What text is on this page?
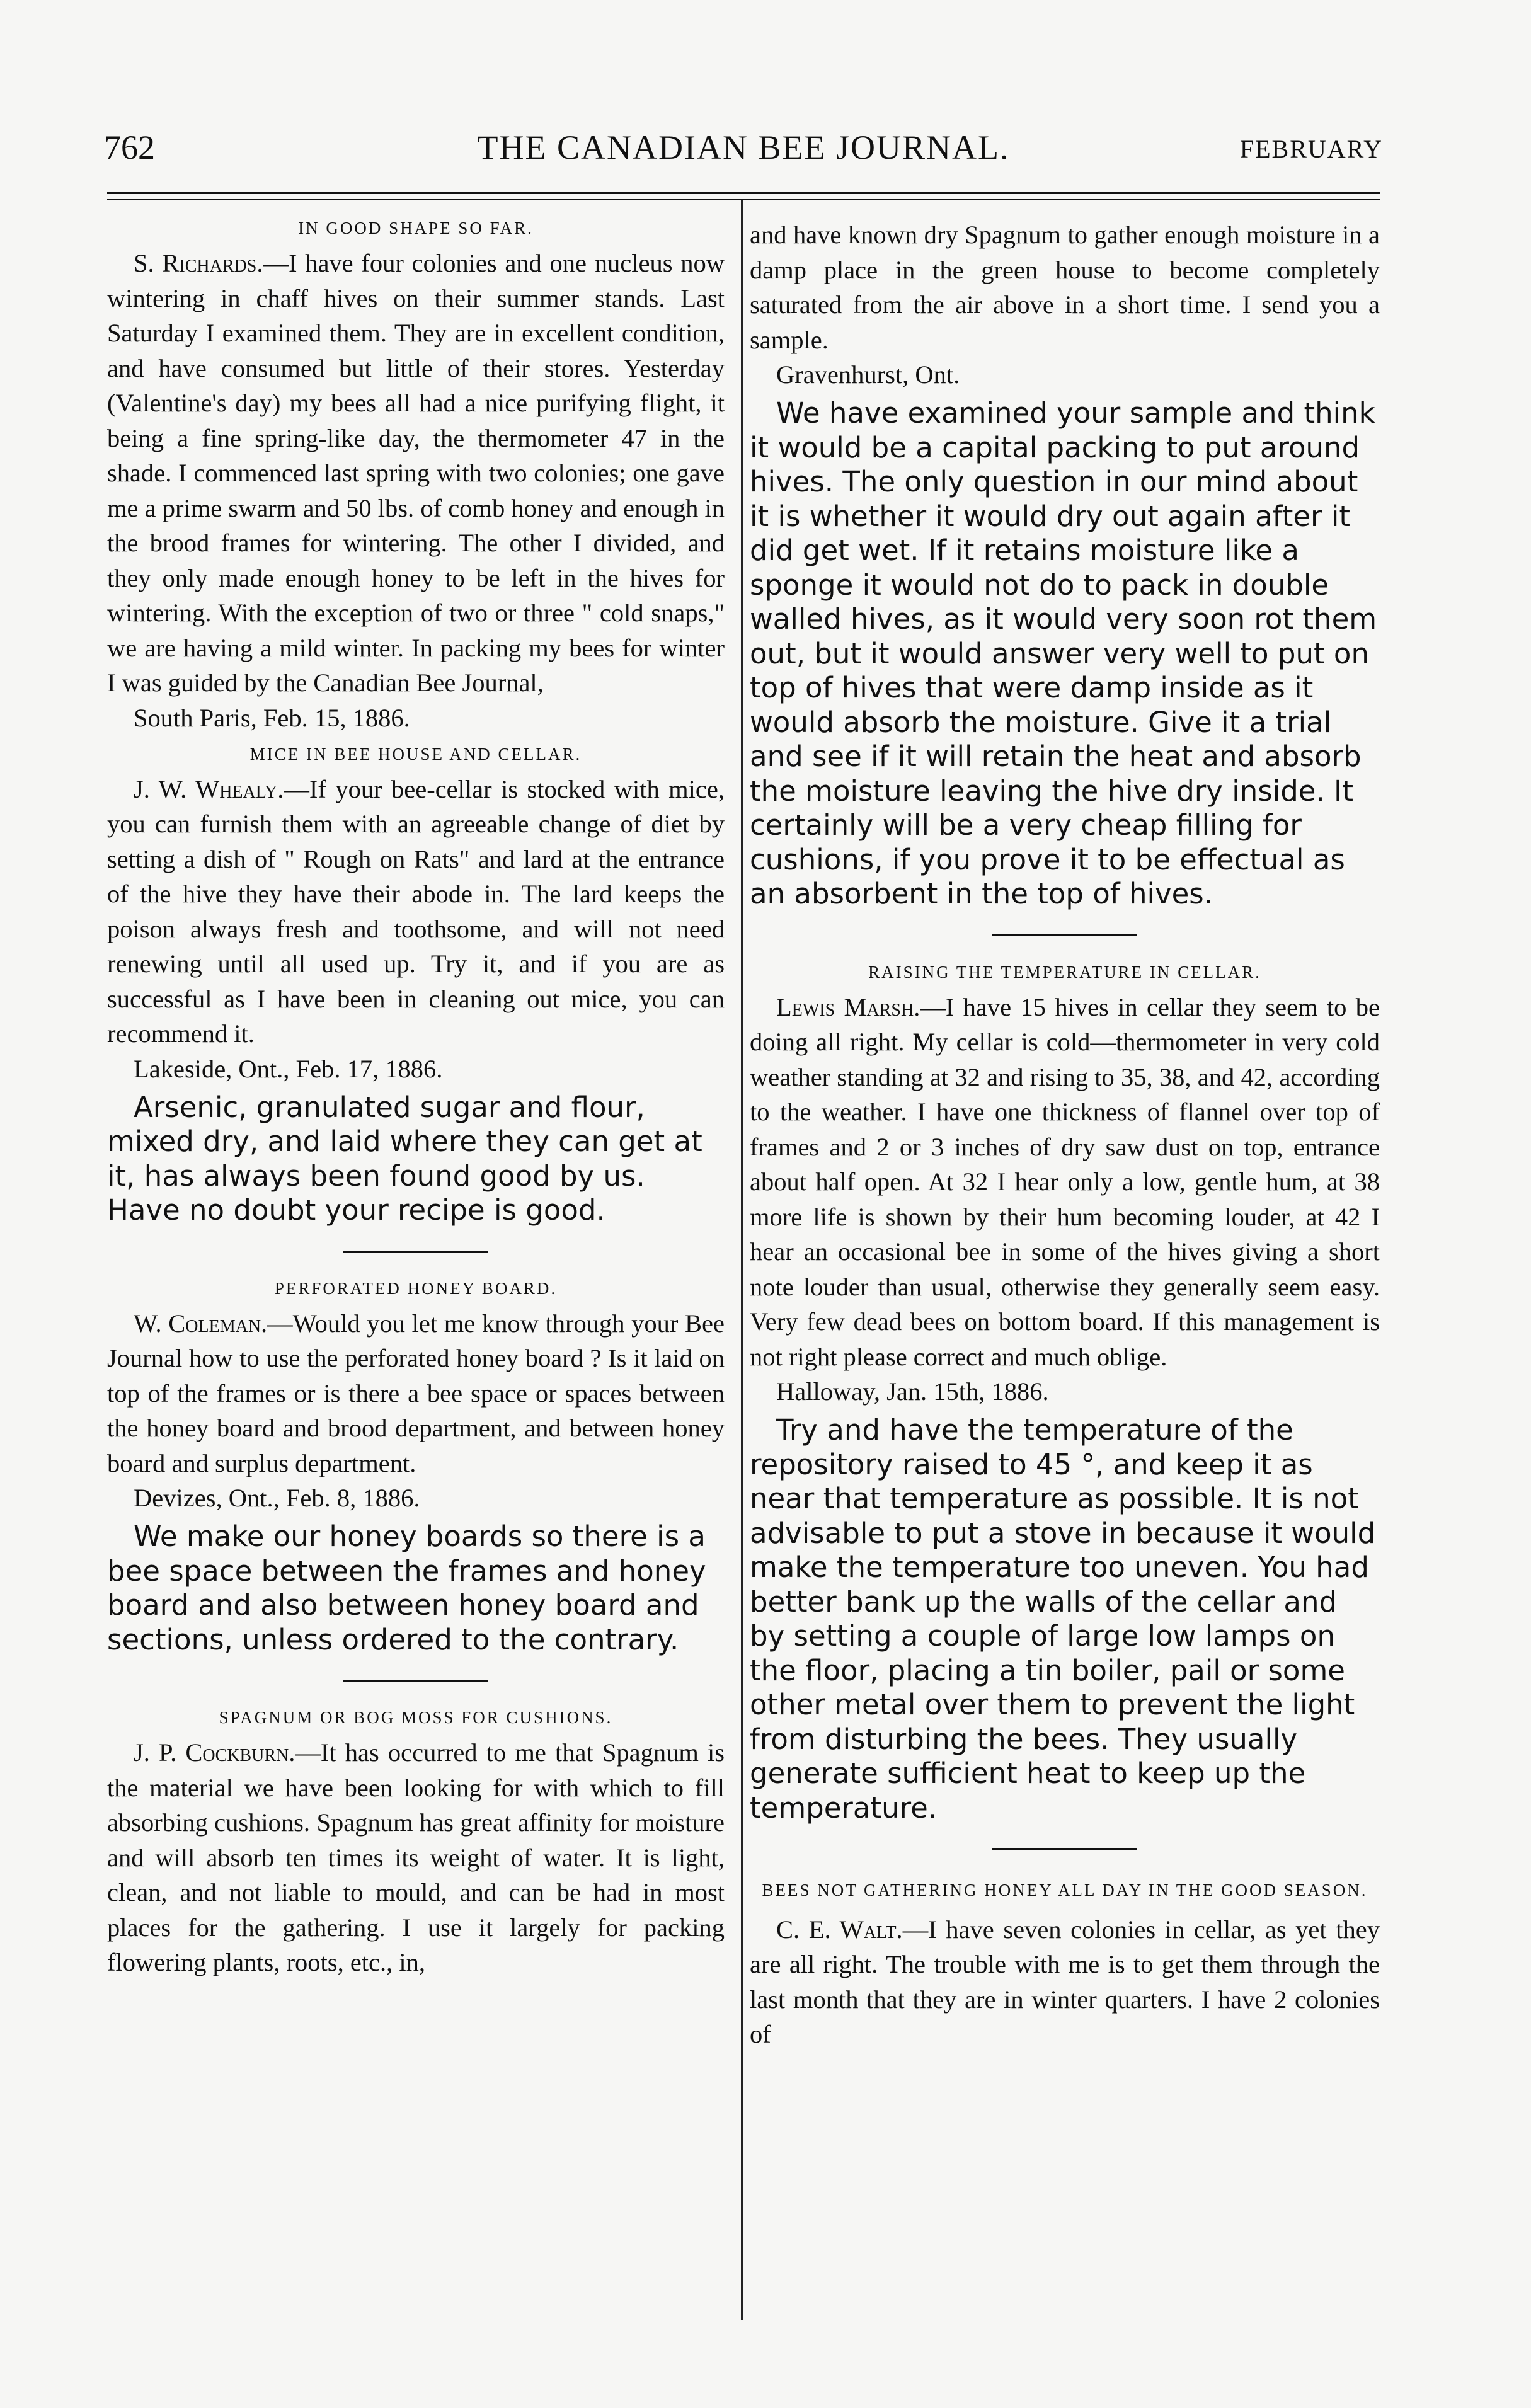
762	THE CANADIAN BEE JOURNAL.	FEBRUARY
IN GOOD SHAPE SO FAR.

S. Richards.—I have four colonies and one nucleus now wintering in chaff hives on their summer stands. Last Saturday I examined them. They are in excellent condition, and have consumed but little of their stores. Yesterday (Valentine's day) my bees all had a nice purifying flight, it being a fine spring-like day, the thermometer 47 in the shade. I commenced last spring with two colonies; one gave me a prime swarm and 50 lbs. of comb honey and enough in the brood frames for wintering. The other I divided, and they only made enough honey to be left in the hives for wintering. With the exception of two or three " cold snaps," we are having a mild winter. In packing my bees for winter I was guided by the Canadian Bee Journal,

South Paris, Feb. 15, 1886.

MICE IN BEE HOUSE AND CELLAR.

J. W. Whealy.—If your bee-cellar is stocked with mice, you can furnish them with an agreeable change of diet by setting a dish of " Rough on Rats" and lard at the entrance of the hive they have their abode in. The lard keeps the poison always fresh and toothsome, and will not need renewing until all used up. Try it, and if you are as successful as I have been in cleaning out mice, you can recommend it.

Lakeside, Ont., Feb. 17, 1886.

Arsenic, granulated sugar and flour, mixed dry, and laid where they can get at it, has always been found good by us. Have no doubt your recipe is good.

PERFORATED HONEY BOARD.

W. Coleman.—Would you let me know through your Bee Journal how to use the perforated honey board ? Is it laid on top of the frames or is there a bee space or spaces between the honey board and brood department, and between honey board and surplus department.

Devizes, Ont., Feb. 8, 1886.

We make our honey boards so there is a bee space between the frames and honey board and also between honey board and sections, unless ordered to the contrary.

SPAGNUM OR BOG MOSS FOR CUSHIONS.

J. P. Cockburn.—It has occurred to me that Spagnum is the material we have been looking for with which to fill absorbing cushions. Spagnum has great affinity for moisture and will absorb ten times its weight of water. It is light, clean, and not liable to mould, and can be had in most places for the gathering. I use it largely for packing flowering plants, roots, etc., in,

and have known dry Spagnum to gather enough moisture in a damp place in the green house to become completely saturated from the air above in a short time. I send you a sample.

Gravenhurst, Ont.

We have examined your sample and think it would be a capital packing to put around hives. The only question in our mind about it is whether it would dry out again after it did get wet. If it retains moisture like a sponge it would not do to pack in double walled hives, as it would very soon rot them out, but it would answer very well to put on top of hives that were damp inside as it would absorb the moisture. Give it a trial and see if it will retain the heat and absorb the moisture leaving the hive dry inside. It certainly will be a very cheap filling for cushions, if you prove it to be effectual as an absorbent in the top of hives.

RAISING THE TEMPERATURE IN CELLAR.

Lewis Marsh.—I have 15 hives in cellar they seem to be doing all right. My cellar is cold—thermometer in very cold weather standing at 32 and rising to 35, 38, and 42, according to the weather. I have one thickness of flannel over top of frames and 2 or 3 inches of dry saw dust on top, entrance about half open. At 32 I hear only a low, gentle hum, at 38 more life is shown by their hum becoming louder, at 42 I hear an occasional bee in some of the hives giving a short note louder than usual, otherwise they generally seem easy. Very few dead bees on bottom board. If this management is not right please correct and much oblige.

Halloway, Jan. 15th, 1886.

Try and have the temperature of the repository raised to 45 °, and keep it as near that temperature as possible. It is not advisable to put a stove in because it would make the temperature too uneven. You had better bank up the walls of the cellar and by setting a couple of large low lamps on the floor, placing a tin boiler, pail or some other metal over them to prevent the light from disturbing the bees. They usually generate sufficient heat to keep up the temperature.

BEES NOT GATHERING HONEY ALL DAY IN THE GOOD SEASON.

C. E. Walt.—I have seven colonies in cellar, as yet they are all right. The trouble with me is to get them through the last month that they are in winter quarters. I have 2 colonies of
